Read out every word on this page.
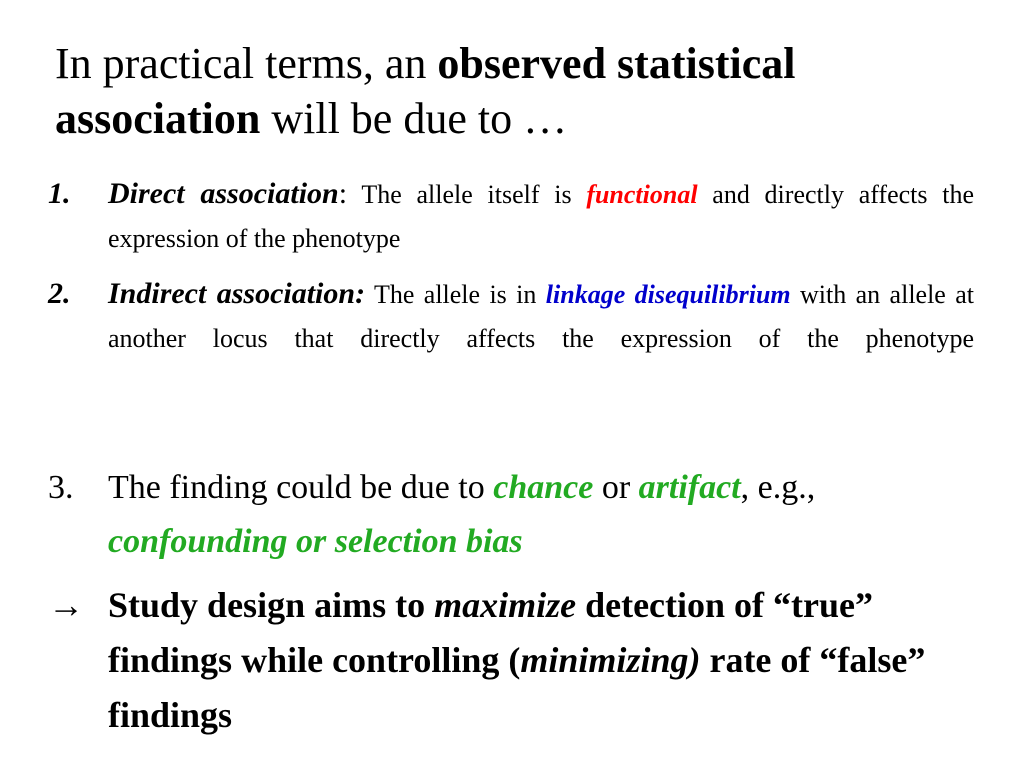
In practical terms, an observed statistical association will be due to …
1. Direct association: The allele itself is functional and directly affects the expression of the phenotype
2. Indirect association: The allele is in linkage disequilibrium with an allele at another locus that directly affects the expression of the phenotype
3. The finding could be due to chance or artifact, e.g., confounding or selection bias
→ Study design aims to maximize detection of “true” findings while controlling (minimizing) rate of “false” findings
